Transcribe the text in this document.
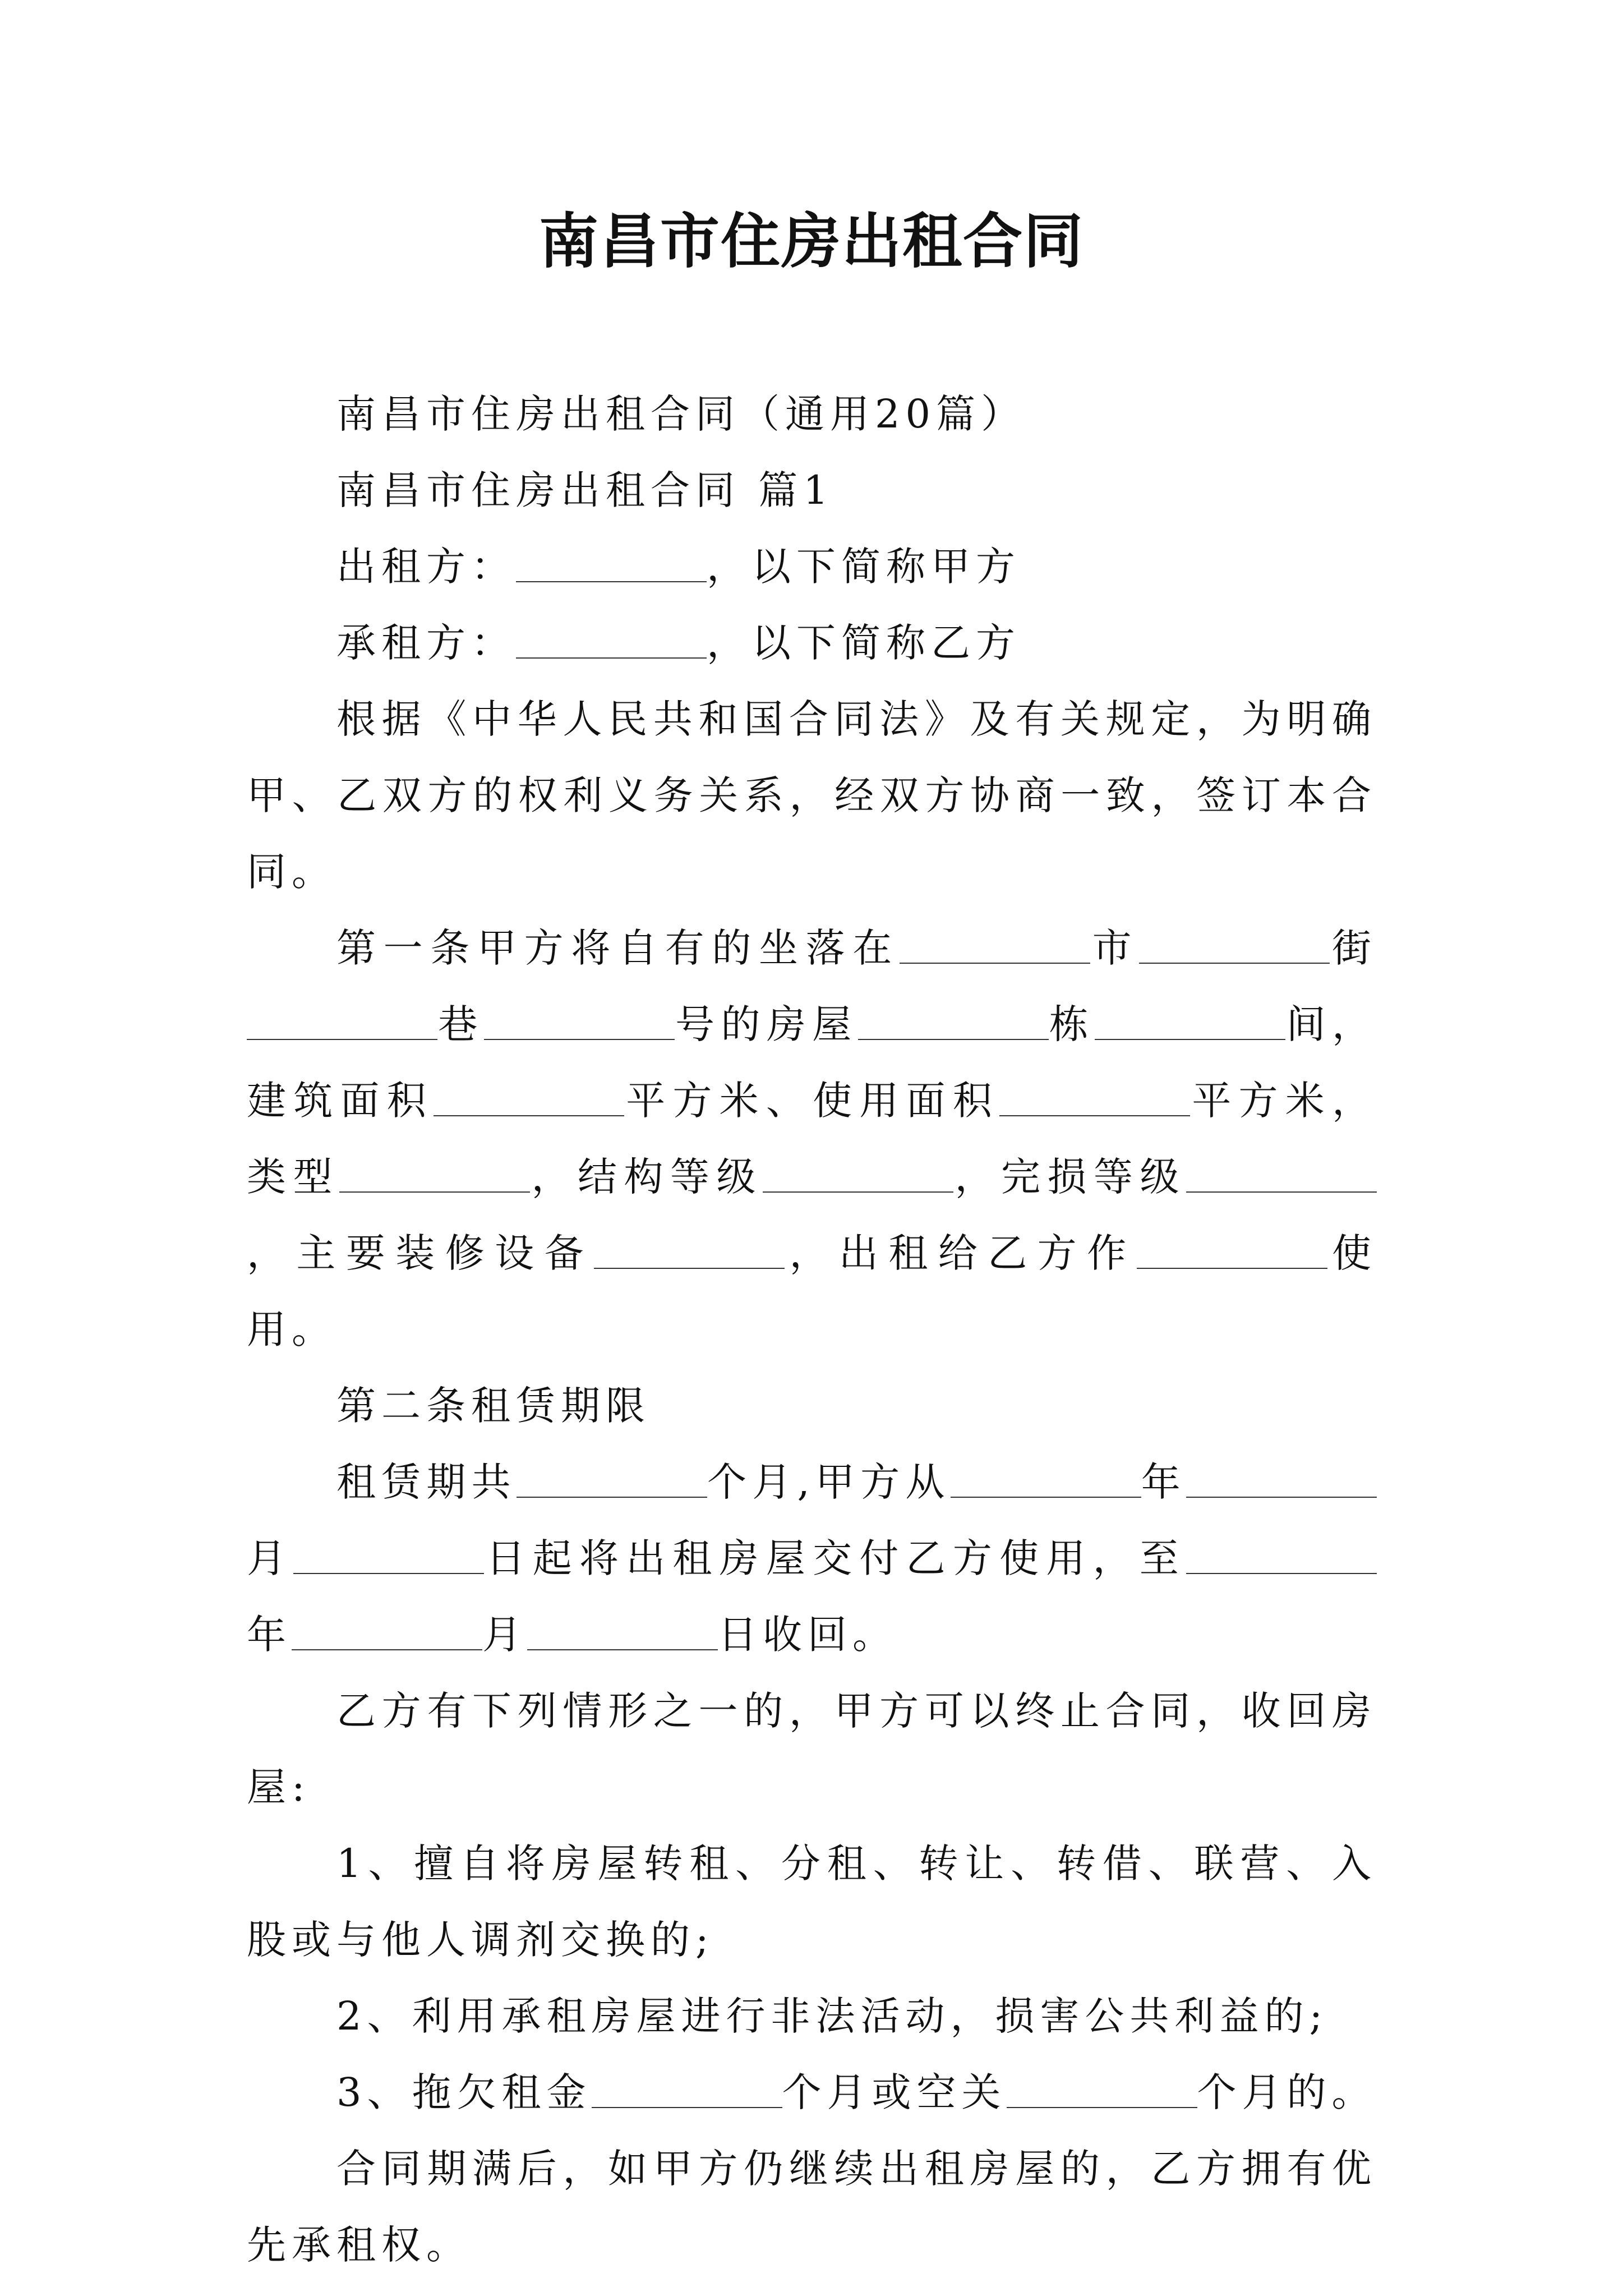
南昌市住房出租合同

南昌市住房出租合同（通用20篇）

南昌市住房出租合同 篇1

出租方：	，以下简称甲方

承租方：	，以下简称乙方

根据《中华人民共和国合同法》及有关规定，为明确甲、乙双方的权利义务关系，经双方协商一致，签订本合同。

第一条甲方将自有的坐落在	市	街巷	号的房屋	栋	间，建筑面积	平方米、使用面积	平方米，类型	，结构等级	，完损等级，主要装修设备	，出租给乙方作	使用。

第二条租赁期限

租赁期共	个月,甲方从	年月	日起将出租房屋交付乙方使用，至年	月	日收回。

乙方有下列情形之一的，甲方可以终止合同，收回房屋:

1、擅自将房屋转租、分租、转让、转借、联营、入股或与他人调剂交换的;

2、利用承租房屋进行非法活动，损害公共利益的;

3、拖欠租金	个月或空关	个月的。

合同期满后，如甲方仍继续出租房屋的，乙方拥有优先承租权。
